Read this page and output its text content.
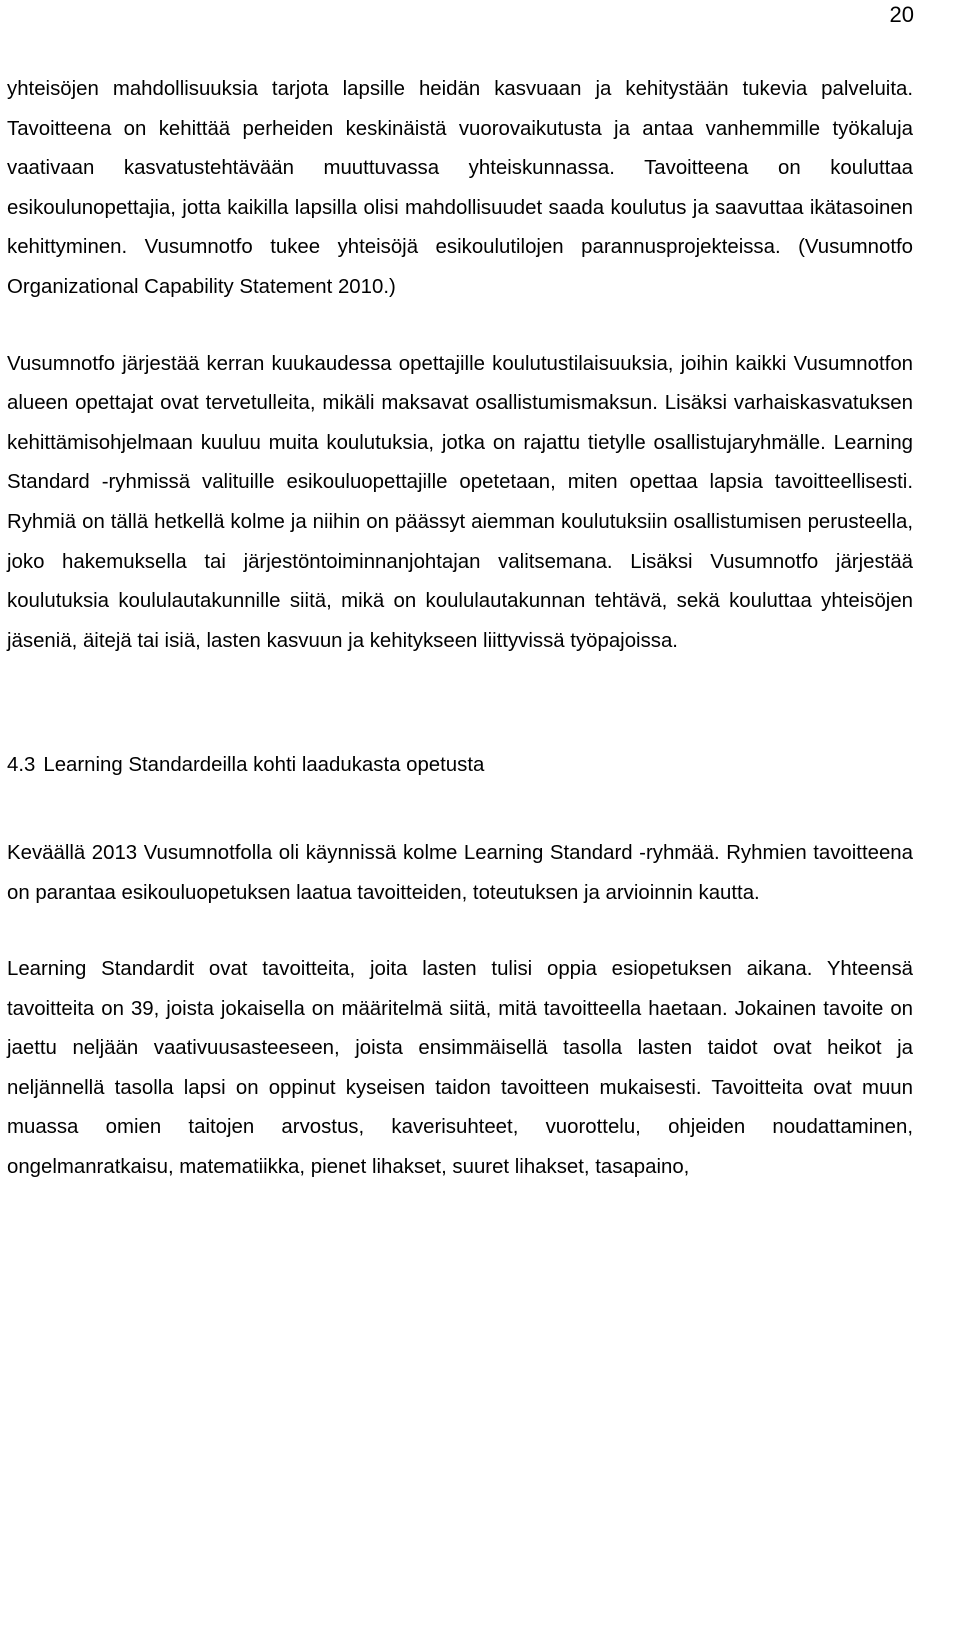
20

yhteisöjen mahdollisuuksia tarjota lapsille heidän kasvuaan ja kehitystään tukevia palveluita. Tavoitteena on kehittää perheiden keskinäistä vuorovaikutusta ja antaa vanhemmille työkaluja vaativaan kasvatustehtävään muuttuvassa yhteiskunnassa. Tavoitteena on kouluttaa esikoulunopettajia, jotta kaikilla lapsilla olisi mahdollisuudet saada koulutus ja saavuttaa ikätasoinen kehittyminen. Vusumnotfo tukee yhteisöjä esikoulutilojen parannusprojekteissa. (Vusumnotfo Organizational Capability Statement 2010.)

Vusumnotfo järjestää kerran kuukaudessa opettajille koulutustilaisuuksia, joihin kaikki Vusumnotfon alueen opettajat ovat tervetulleita, mikäli maksavat osallistumismaksun. Lisäksi varhaiskasvatuksen kehittämisohjelmaan kuuluu muita koulutuksia, jotka on rajattu tietylle osallistujaryhmälle. Learning Standard -ryhmissä valituille esikouluopettajille opetetaan, miten opettaa lapsia tavoitteellisesti. Ryhmiä on tällä hetkellä kolme ja niihin on päässyt aiemman koulutuksiin osallistumisen perusteella, joko hakemuksella tai järjestöntoiminnanjohtajan valitsemana. Lisäksi Vusumnotfo järjestää koulutuksia koululautakunnille siitä, mikä on koululautakunnan tehtävä, sekä kouluttaa yhteisöjen jäseniä, äitejä tai isiä, lasten kasvuun ja kehitykseen liittyvissä työpajoissa.

4.3 Learning Standardeilla kohti laadukasta opetusta

Keväällä 2013 Vusumnotfolla oli käynnissä kolme Learning Standard -ryhmää. Ryhmien tavoitteena on parantaa esikouluopetuksen laatua tavoitteiden, toteutuksen ja arvioinnin kautta.

Learning Standardit ovat tavoitteita, joita lasten tulisi oppia esiopetuksen aikana. Yhteensä tavoitteita on 39, joista jokaisella on määritelmä siitä, mitä tavoitteella haetaan. Jokainen tavoite on jaettu neljään vaativuusasteeseen, joista ensimmäisellä tasolla lasten taidot ovat heikot ja neljännellä tasolla lapsi on oppinut kyseisen taidon tavoitteen mukaisesti. Tavoitteita ovat muun muassa omien taitojen arvostus, kaverisuhteet, vuorottelu, ohjeiden noudattaminen, ongelmanratkaisu, matematiikka, pienet lihakset, suuret lihakset, tasapaino,
